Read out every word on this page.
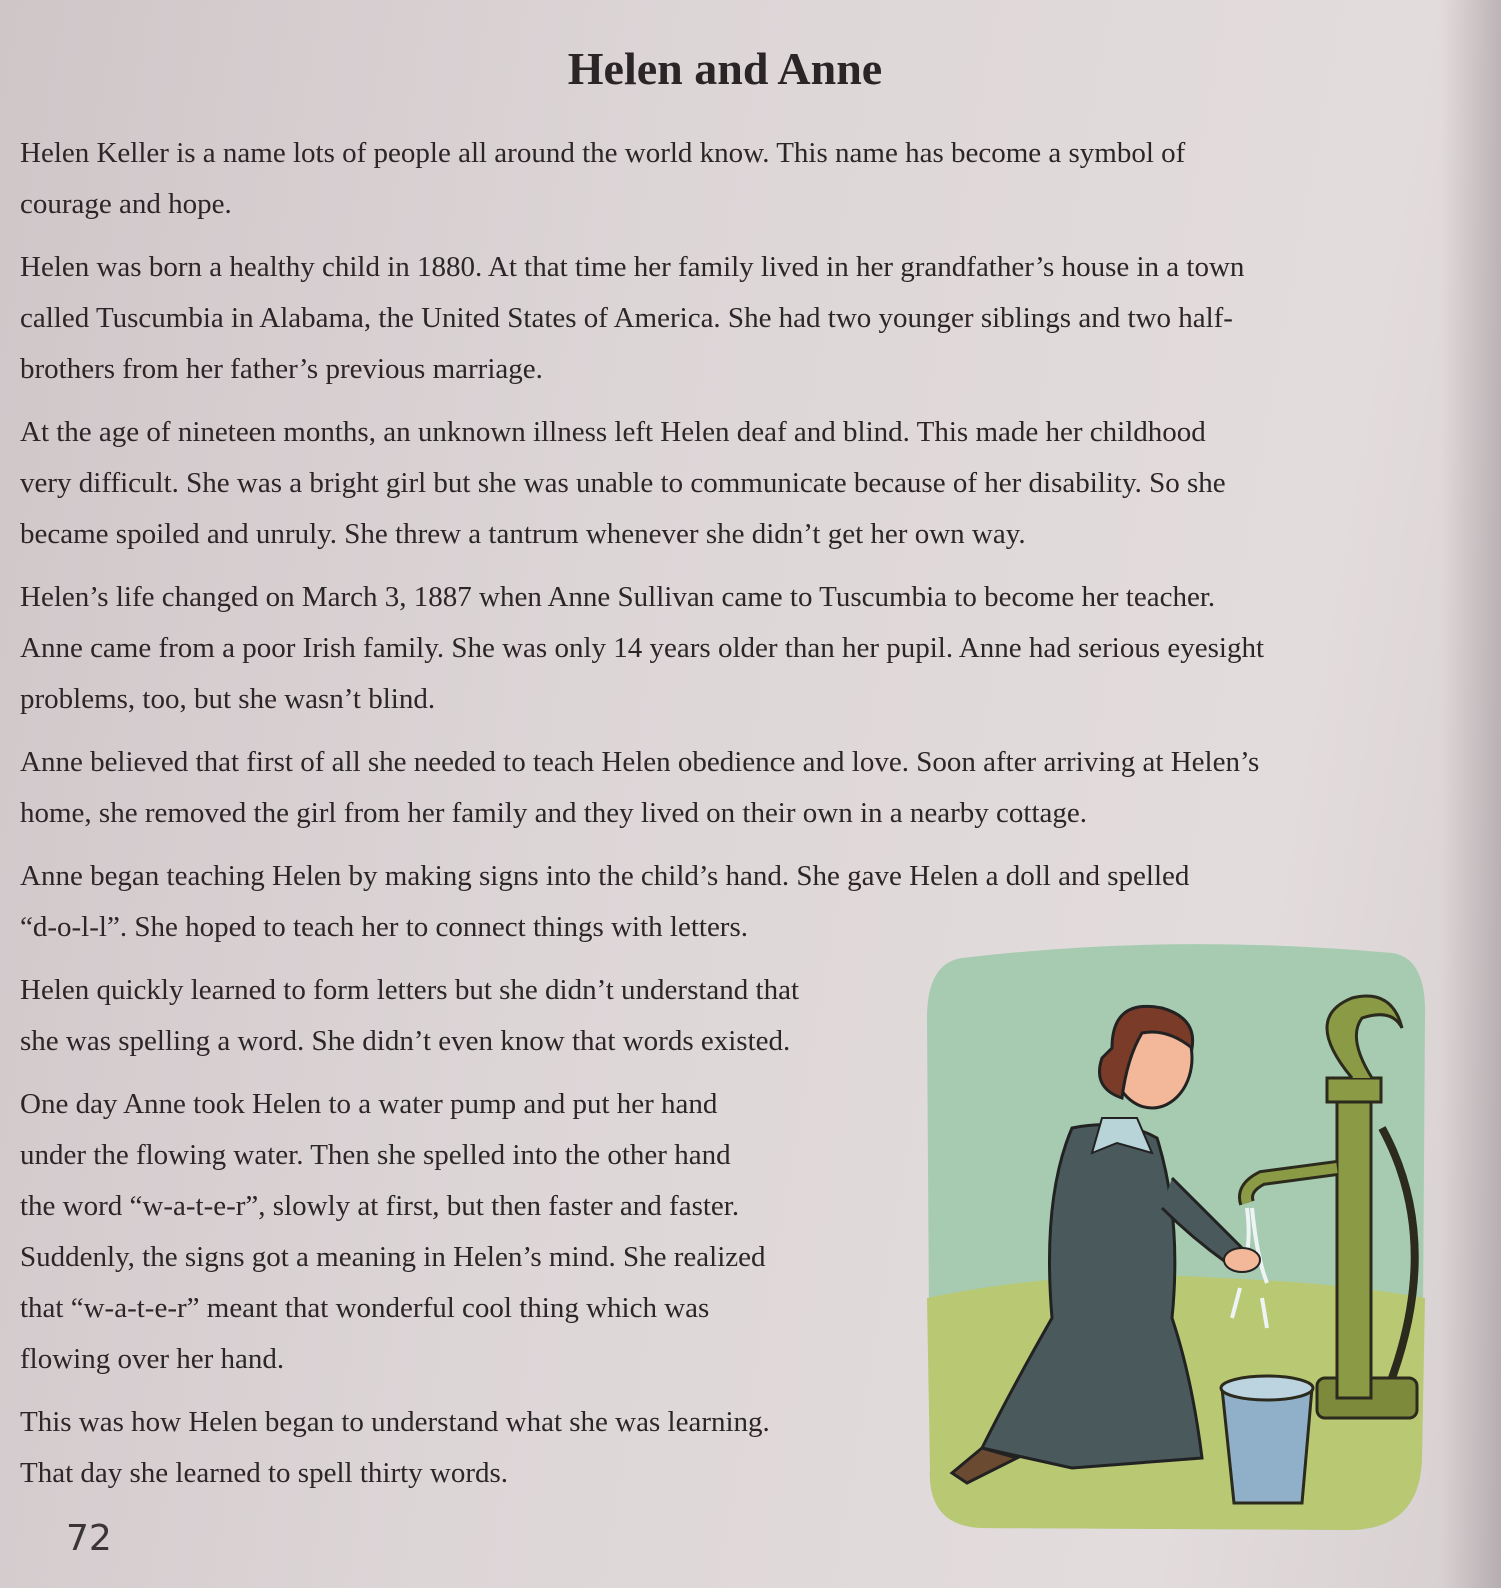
Helen and Anne
Helen Keller is a name lots of people all around the world know. This name has become a symbol of
courage and hope.
Helen was born a healthy child in 1880. At that time her family lived in her grandfather’s house in a town
called Tuscumbia in Alabama, the United States of America. She had two younger siblings and two half-
brothers from her father’s previous marriage.
At the age of nineteen months, an unknown illness left Helen deaf and blind. This made her childhood
very difficult. She was a bright girl but she was unable to communicate because of her disability. So she
became spoiled and unruly. She threw a tantrum whenever she didn’t get her own way.
Helen’s life changed on March 3, 1887 when Anne Sullivan came to Tuscumbia to become her teacher.
Anne came from a poor Irish family. She was only 14 years older than her pupil. Anne had serious eyesight
problems, too, but she wasn’t blind.
Anne believed that first of all she needed to teach Helen obedience and love. Soon after arriving at Helen’s
home, she removed the girl from her family and they lived on their own in a nearby cottage.
Anne began teaching Helen by making signs into the child’s hand. She gave Helen a doll and spelled
“d-o-l-l”. She hoped to teach her to connect things with letters.
Helen quickly learned to form letters but she didn’t understand that
she was spelling a word. She didn’t even know that words existed.
One day Anne took Helen to a water pump and put her hand
under the flowing water. Then she spelled into the other hand
the word “w-a-t-e-r”, slowly at first, but then faster and faster.
Suddenly, the signs got a meaning in Helen’s mind. She realized
that “w-a-t-e-r” meant that wonderful cool thing which was
flowing over her hand.
This was how Helen began to understand what she was learning.
That day she learned to spell thirty words.
72
